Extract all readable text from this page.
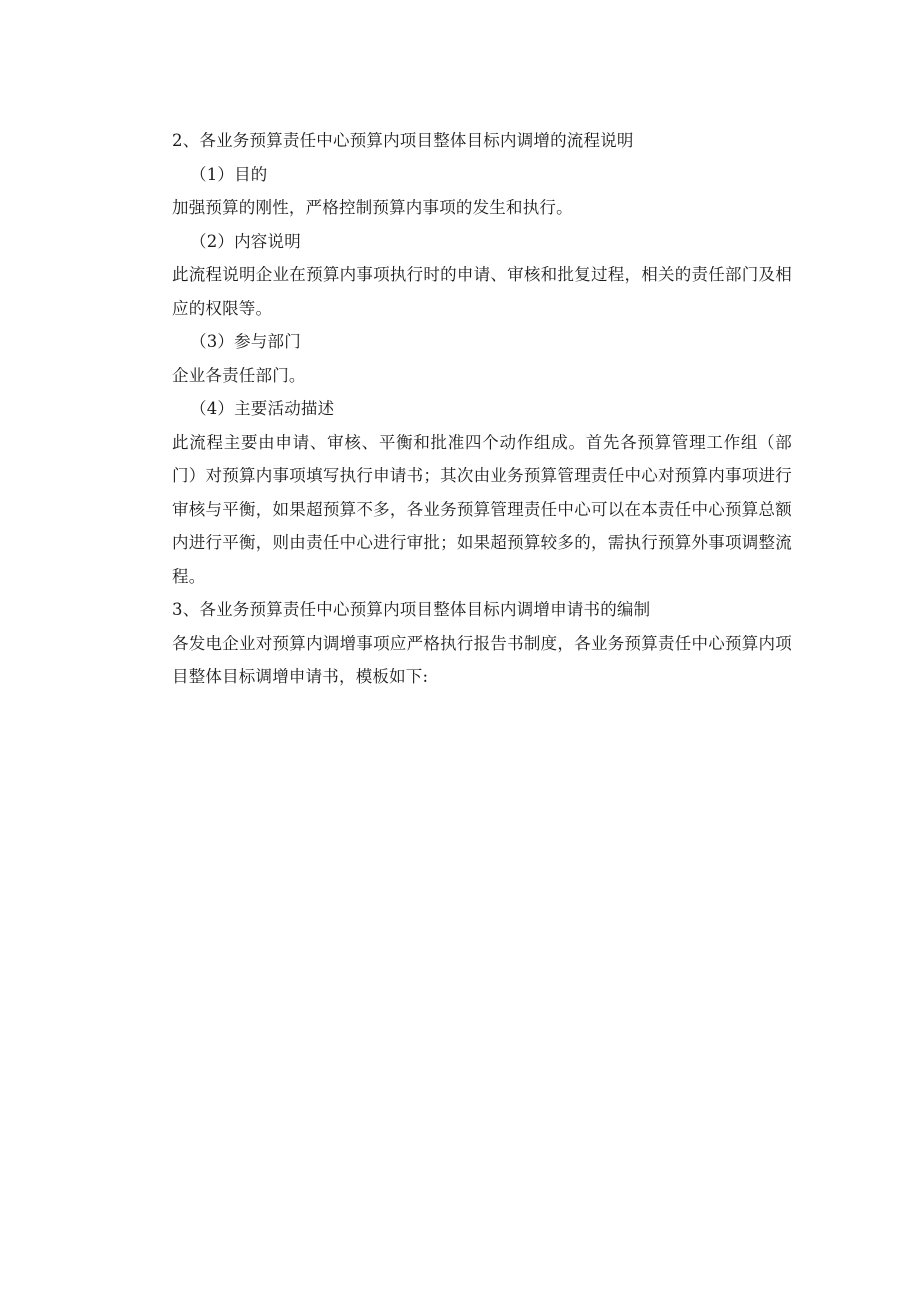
2、各业务预算责任中心预算内项目整体目标内调增的流程说明

（1）目的

加强预算的刚性，严格控制预算内事项的发生和执行。

（2）内容说明

此流程说明企业在预算内事项执行时的申请、审核和批复过程，相关的责任部门及相应的权限等。

（3）参与部门

企业各责任部门。

（4）主要活动描述

此流程主要由申请、审核、平衡和批准四个动作组成。首先各预算管理工作组（部门）对预算内事项填写执行申请书；其次由业务预算管理责任中心对预算内事项进行审核与平衡，如果超预算不多，各业务预算管理责任中心可以在本责任中心预算总额内进行平衡，则由责任中心进行审批；如果超预算较多的，需执行预算外事项调整流程。

3、各业务预算责任中心预算内项目整体目标内调增申请书的编制

各发电企业对预算内调增事项应严格执行报告书制度，各业务预算责任中心预算内项目整体目标调增申请书，模板如下:
